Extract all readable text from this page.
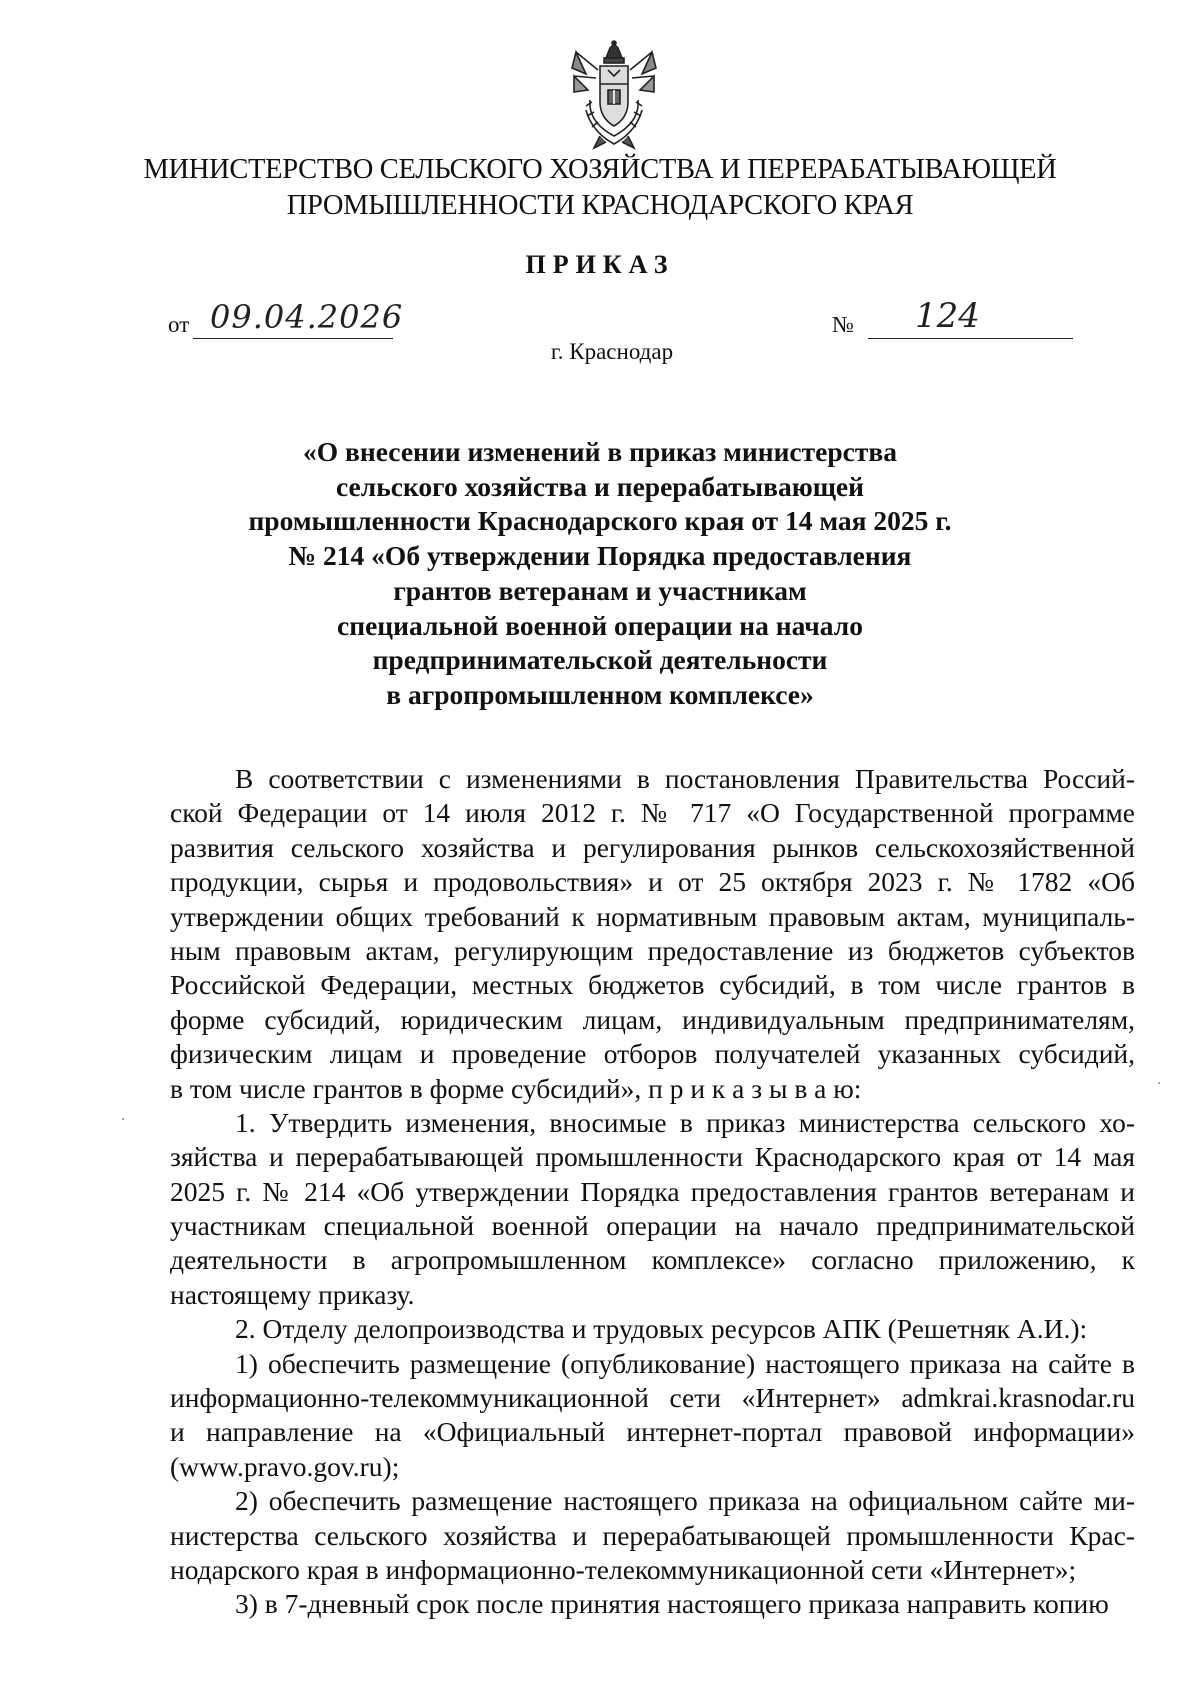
МИНИСТЕРСТВО СЕЛЬСКОГО ХОЗЯЙСТВА И ПЕРЕРАБАТЫВАЮЩЕЙ
ПРОМЫШЛЕННОСТИ КРАСНОДАРСКОГО КРАЯ
ПРИКАЗ
от 09.04.2026	№ 124
г. Краснодар
«О внесении изменений в приказ министерства
сельского хозяйства и перерабатывающей
промышленности Краснодарского края от 14 мая 2025 г.
№ 214 «Об утверждении Порядка предоставления
грантов ветеранам и участникам
специальной военной операции на начало
предпринимательской деятельности
в агропромышленном комплексе»
В соответствии с изменениями в постановления Правительства Россий-
ской Федерации от 14 июля 2012 г. № 717 «О Государственной программе
развития сельского хозяйства и регулирования рынков сельскохозяйственной
продукции, сырья и продовольствия» и от 25 октября 2023 г. № 1782 «Об
утверждении общих требований к нормативным правовым актам, муниципаль-
ным правовым актам, регулирующим предоставление из бюджетов субъектов
Российской Федерации, местных бюджетов субсидий, в том числе грантов в
форме субсидий, юридическим лицам, индивидуальным предпринимателям,
физическим лицам и проведение отборов получателей указанных субсидий,
в том числе грантов в форме субсидий», п р и к а з ы в а ю:
1. Утвердить изменения, вносимые в приказ министерства сельского хо-
зяйства и перерабатывающей промышленности Краснодарского края от 14 мая
2025 г. № 214 «Об утверждении Порядка предоставления грантов ветеранам и
участникам специальной военной операции на начало предпринимательской
деятельности в агропромышленном комплексе» согласно приложению, к
настоящему приказу.
2. Отделу делопроизводства и трудовых ресурсов АПК (Решетняк А.И.):
1) обеспечить размещение (опубликование) настоящего приказа на сайте в
информационно-телекоммуникационной сети «Интернет» admkrai.krasnodar.ru
и направление на «Официальный интернет-портал правовой информации»
(www.pravo.gov.ru);
2) обеспечить размещение настоящего приказа на официальном сайте ми-
нистерства сельского хозяйства и перерабатывающей промышленности Крас-
нодарского края в информационно-телекоммуникационной сети «Интернет»;
3) в 7-дневный срок после принятия настоящего приказа направить копию
